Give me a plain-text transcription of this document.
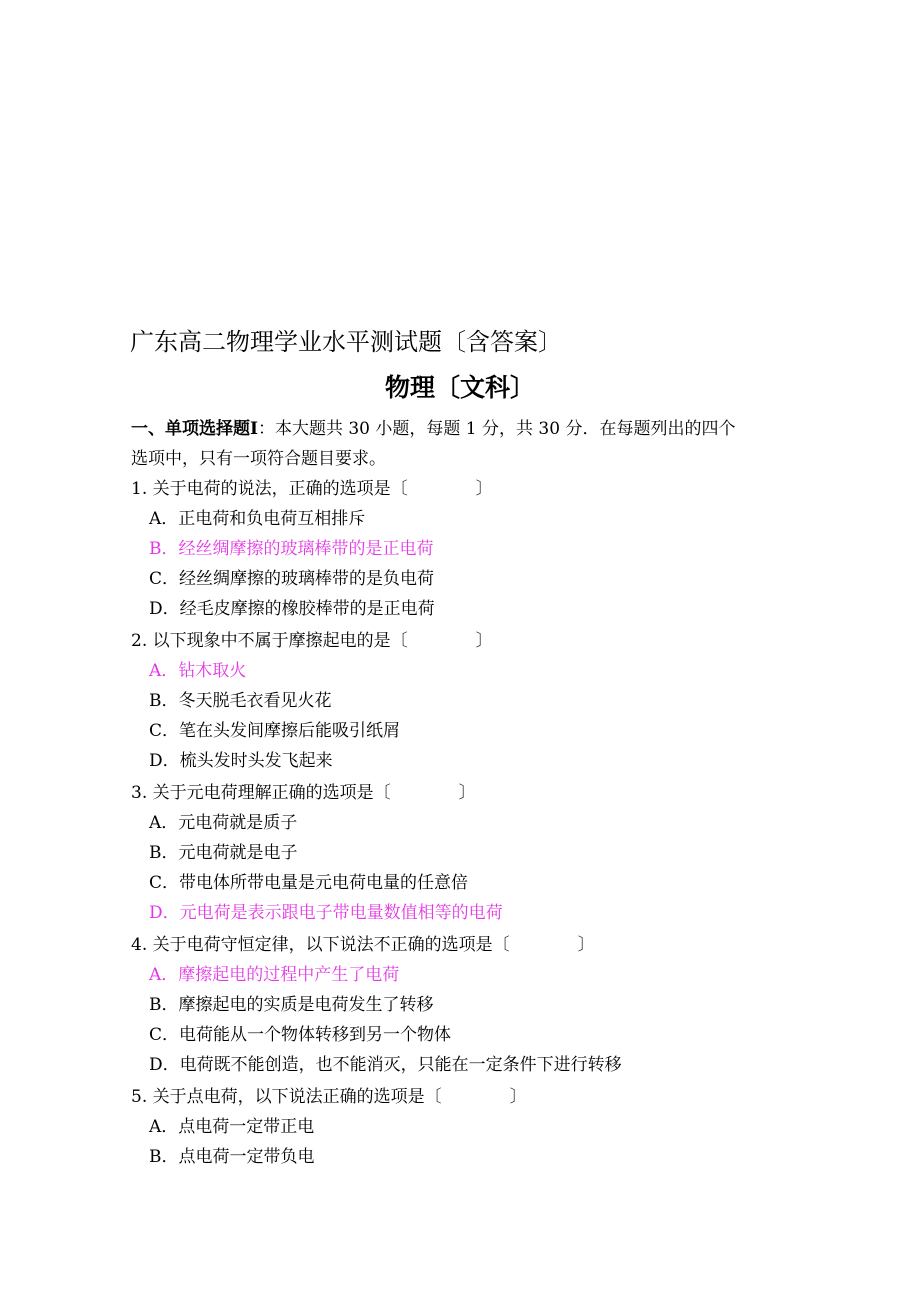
广东高二物理学业水平测试题〔含答案〕
物理〔文科〕
一、单项选择题Ⅰ：本大题共 30 小题，每题 1 分，共 30 分．在每题列出的四个
选项中，只有一项符合题目要求。
1. 关于电荷的说法，正确的选项是〔　　　　〕
A．正电荷和负电荷互相排斥
B．经丝绸摩擦的玻璃棒带的是正电荷
C．经丝绸摩擦的玻璃棒带的是负电荷
D．经毛皮摩擦的橡胶棒带的是正电荷
2. 以下现象中不属于摩擦起电的是〔　　　　〕
A．钻木取火
B．冬天脱毛衣看见火花
C．笔在头发间摩擦后能吸引纸屑
D．梳头发时头发飞起来
3. 关于元电荷理解正确的选项是〔　　　　〕
A．元电荷就是质子
B．元电荷就是电子
C．带电体所带电量是元电荷电量的任意倍
D．元电荷是表示跟电子带电量数值相等的电荷
4. 关于电荷守恒定律，以下说法不正确的选项是〔　　　　〕
A．摩擦起电的过程中产生了电荷
B．摩擦起电的实质是电荷发生了转移
C．电荷能从一个物体转移到另一个物体
D．电荷既不能创造，也不能消灭，只能在一定条件下进行转移
5. 关于点电荷，以下说法正确的选项是〔　　　　〕
A．点电荷一定带正电
B．点电荷一定带负电
